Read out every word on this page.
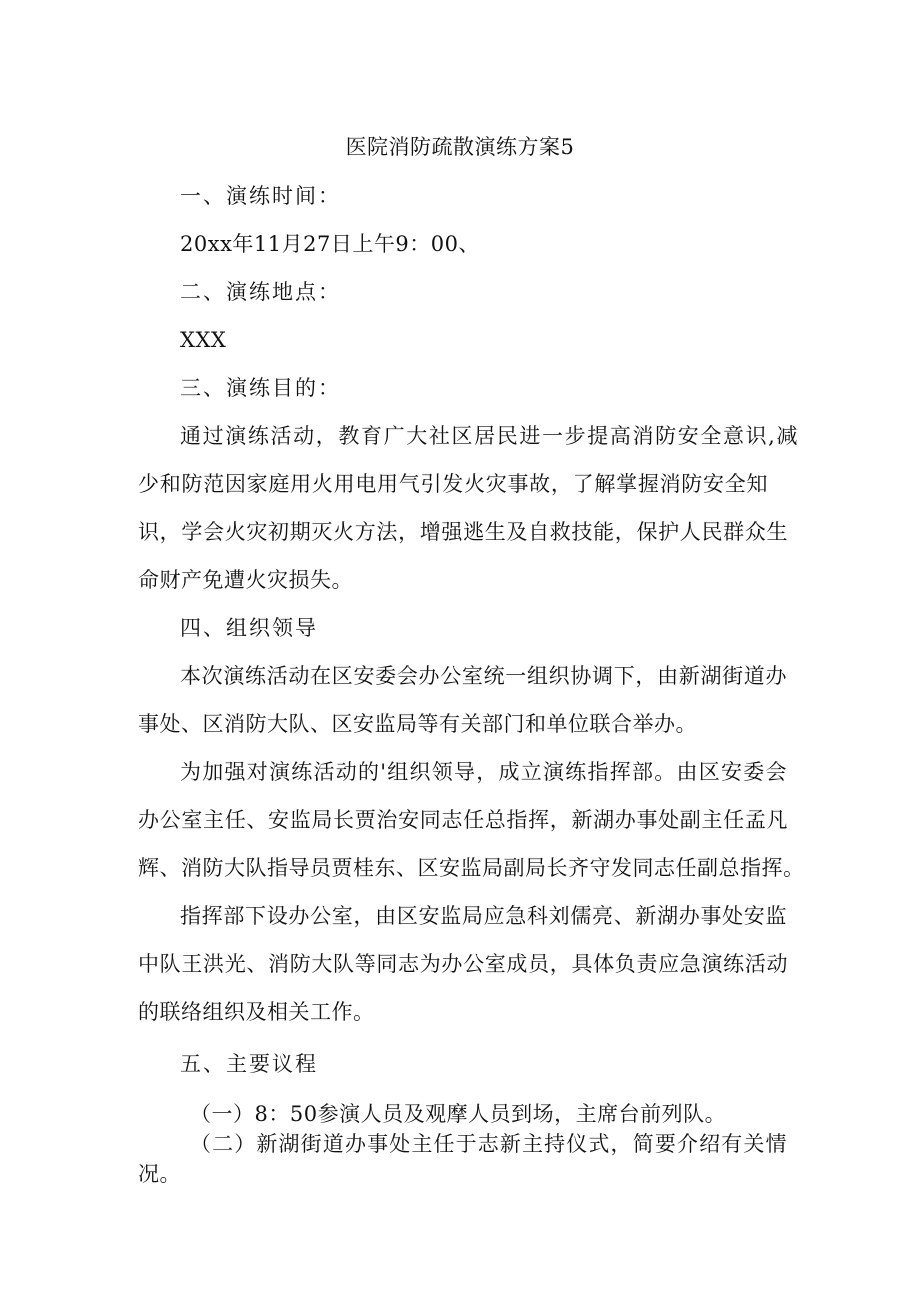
医院消防疏散演练方案5
一、演练时间：
20xx年11月27日上午9：00、
二、演练地点：
XXX
三、演练目的：
通过演练活动，教育广大社区居民进一步提高消防安全意识,减
少和防范因家庭用火用电用气引发火灾事故，了解掌握消防安全知
识，学会火灾初期灭火方法，增强逃生及自救技能，保护人民群众生
命财产免遭火灾损失。
四、组织领导
本次演练活动在区安委会办公室统一组织协调下，由新湖街道办
事处、区消防大队、区安监局等有关部门和单位联合举办。
为加强对演练活动的'组织领导，成立演练指挥部。由区安委会
办公室主任、安监局长贾治安同志任总指挥，新湖办事处副主任孟凡
辉、消防大队指导员贾桂东、区安监局副局长齐守发同志任副总指挥。
指挥部下设办公室，由区安监局应急科刘儒亮、新湖办事处安监
中队王洪光、消防大队等同志为办公室成员，具体负责应急演练活动
的联络组织及相关工作。
五、主要议程
（一）8：50参演人员及观摩人员到场，主席台前列队。
（二）新湖街道办事处主任于志新主持仪式，简要介绍有关情
况。
